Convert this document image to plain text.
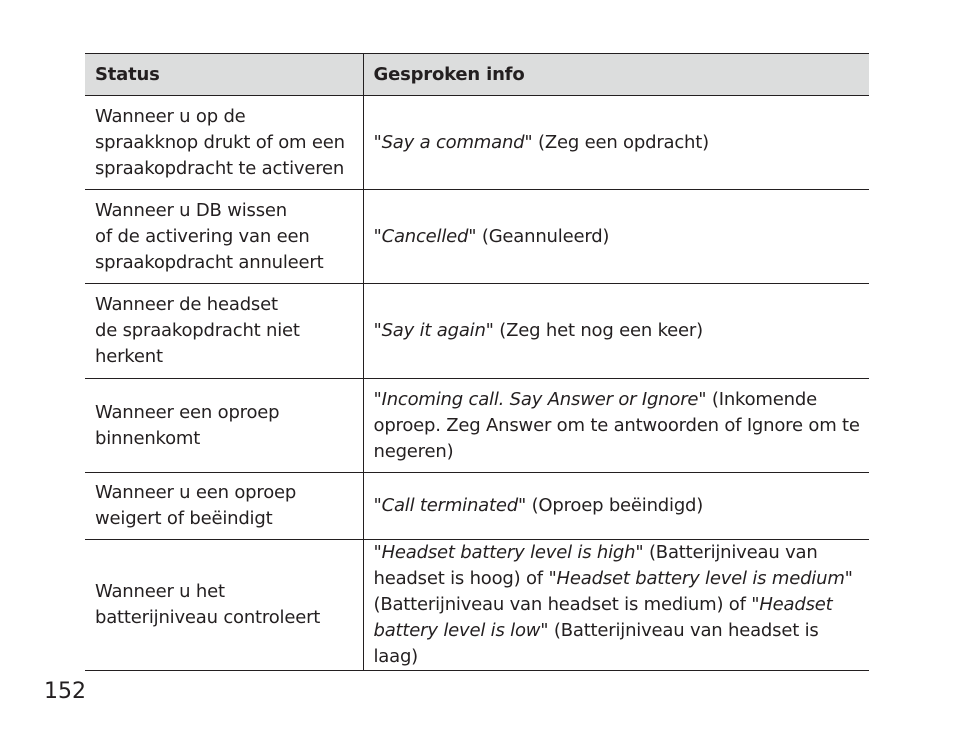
Status	Gesproken info
Wanneer u op de
spraakknop drukt of om een
spraakopdracht te activeren	"Say a command" (Zeg een opdracht)
Wanneer u DB wissen
of de activering van een
spraakopdracht annuleert	"Cancelled" (Geannuleerd)
Wanneer de headset
de spraakopdracht niet
herkent	"Say it again" (Zeg het nog een keer)
Wanneer een oproep
binnenkomt	"Incoming call. Say Answer or Ignore" (Inkomende oproep. Zeg Answer om te antwoorden of Ignore om te negeren)
Wanneer u een oproep
weigert of beëindigt	"Call terminated" (Oproep beëindigd)
Wanneer u het
batterijniveau controleert	"Headset battery level is high" (Batterijniveau van headset is hoog) of "Headset battery level is medium" (Batterijniveau van headset is medium) of "Headset battery level is low" (Batterijniveau van headset is laag)
152
